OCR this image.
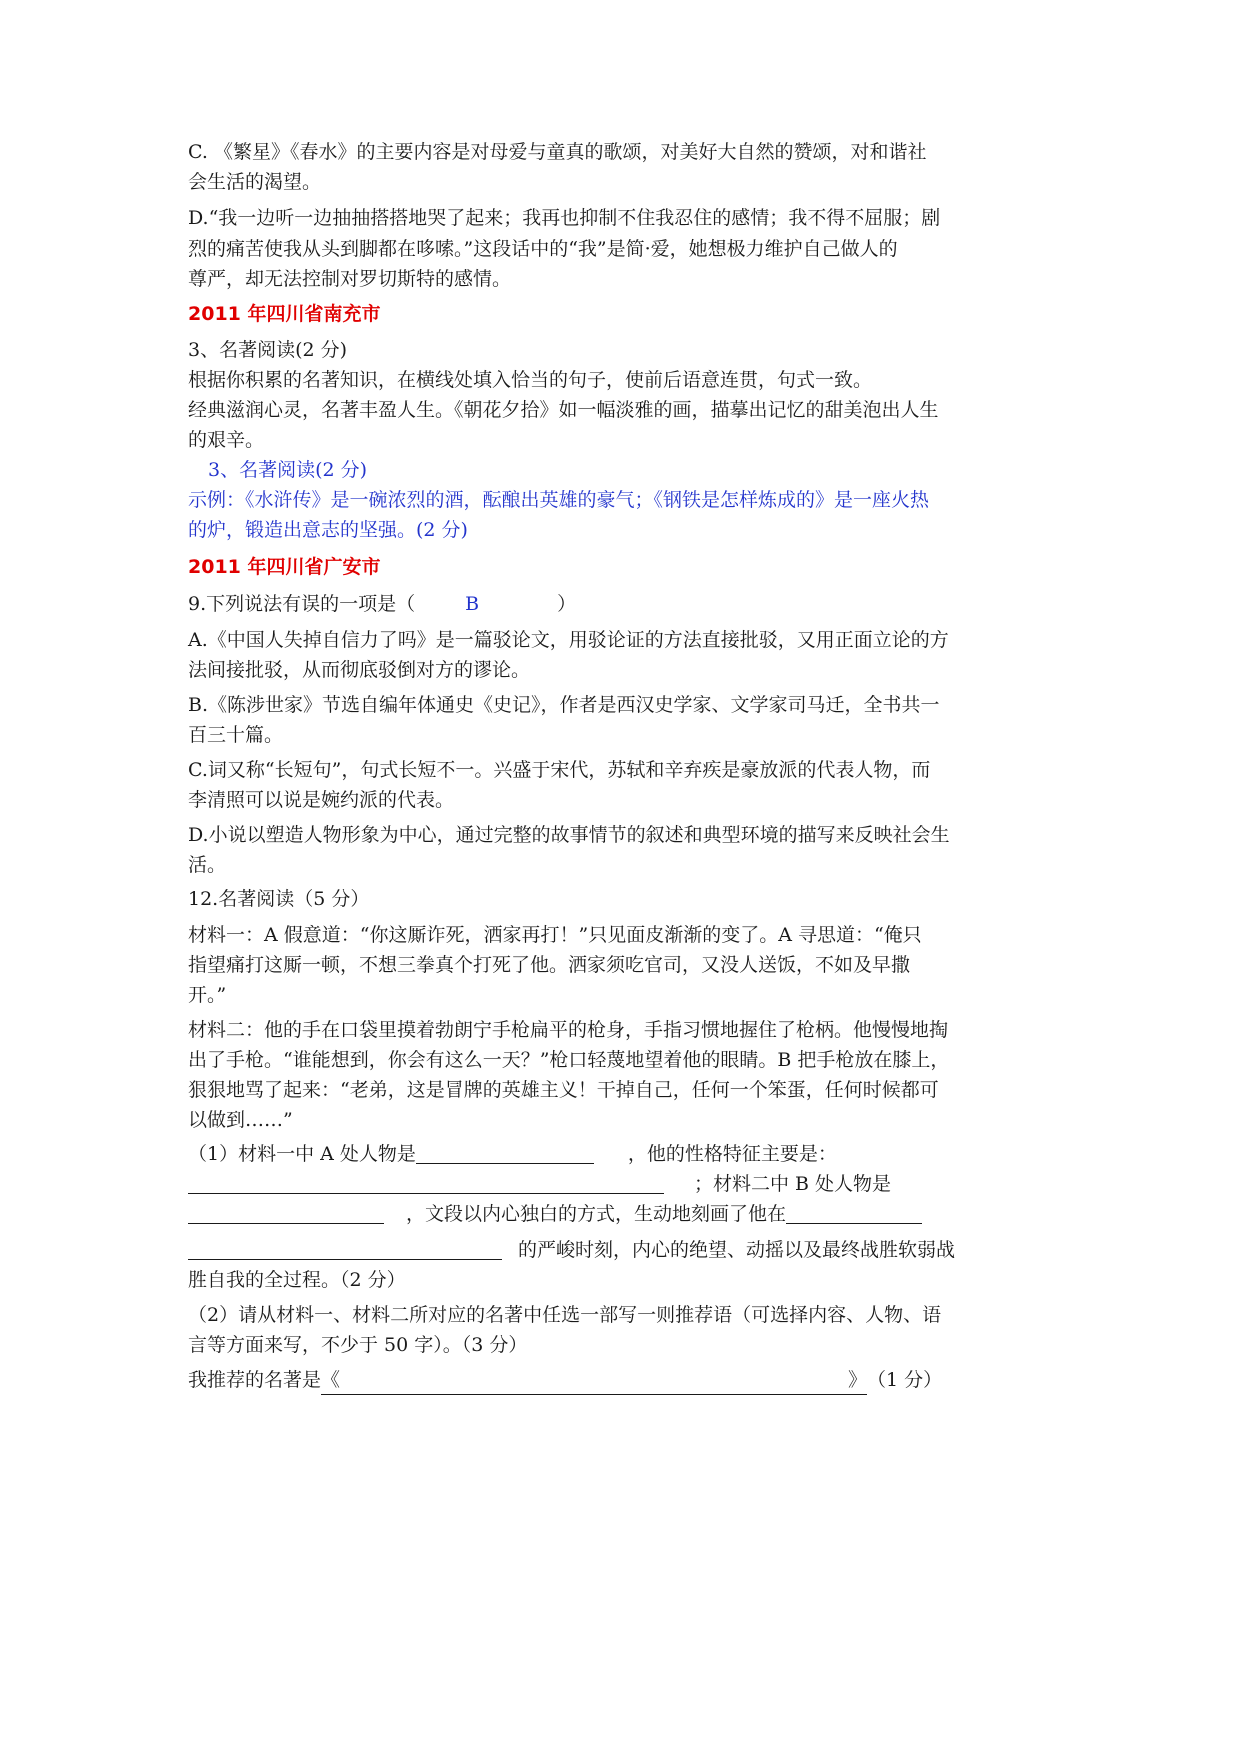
C. 《繁星》《春水》的主要内容是对母爱与童真的歌颂，对美好大自然的赞颂，对和谐社
会生活的渴望。
D.“我一边听一边抽抽搭搭地哭了起来；我再也抑制不住我忍住的感情；我不得不屈服；剧
烈的痛苦使我从头到脚都在哆嗦。”这段话中的“我”是简·爱，她想极力维护自己做人的
尊严，却无法控制对罗切斯特的感情。
2011 年四川省南充市
3、名著阅读(2 分)
根据你积累的名著知识，在横线处填入恰当的句子，使前后语意连贯，句式一致。
经典滋润心灵，名著丰盈人生。《朝花夕拾》如一幅淡雅的画，描摹出记忆的甜美泡出人生
的艰辛。
3、名著阅读(2 分)
示例：《水浒传》是一碗浓烈的酒，酝酿出英雄的豪气；《钢铁是怎样炼成的》是一座火热
的炉，锻造出意志的坚强。(2 分)
2011 年四川省广安市
9.下列说法有误的一项是（	B	）
A.《中国人失掉自信力了吗》是一篇驳论文，用驳论证的方法直接批驳，又用正面立论的方
法间接批驳，从而彻底驳倒对方的谬论。
B.《陈涉世家》节选自编年体通史《史记》，作者是西汉史学家、文学家司马迁，全书共一
百三十篇。
C.词又称“长短句”，句式长短不一。兴盛于宋代，苏轼和辛弃疾是豪放派的代表人物，而
李清照可以说是婉约派的代表。
D.小说以塑造人物形象为中心，通过完整的故事情节的叙述和典型环境的描写来反映社会生
活。
12.名著阅读（5 分）
材料一：A 假意道：“你这厮诈死，洒家再打！”只见面皮渐渐的变了。A 寻思道：“俺只
指望痛打这厮一顿，不想三拳真个打死了他。洒家须吃官司，又没人送饭，不如及早撒
开。”
材料二：他的手在口袋里摸着勃朗宁手枪扁平的枪身，手指习惯地握住了枪柄。他慢慢地掏
出了手枪。“谁能想到，你会有这么一天？”枪口轻蔑地望着他的眼睛。B 把手枪放在膝上，
狠狠地骂了起来：“老弟，这是冒牌的英雄主义！干掉自己，任何一个笨蛋，任何时候都可
以做到……”
（1）材料一中 A 处人物是	，他的性格特征主要是：
；材料二中 B 处人物是
，文段以内心独白的方式，生动地刻画了他在
的严峻时刻，内心的绝望、动摇以及最终战胜软弱战
胜自我的全过程。（2 分）
（2）请从材料一、材料二所对应的名著中任选一部写一则推荐语（可选择内容、人物、语
言等方面来写，不少于 50 字）。（3 分）
我推荐的名著是《	》（1 分）
